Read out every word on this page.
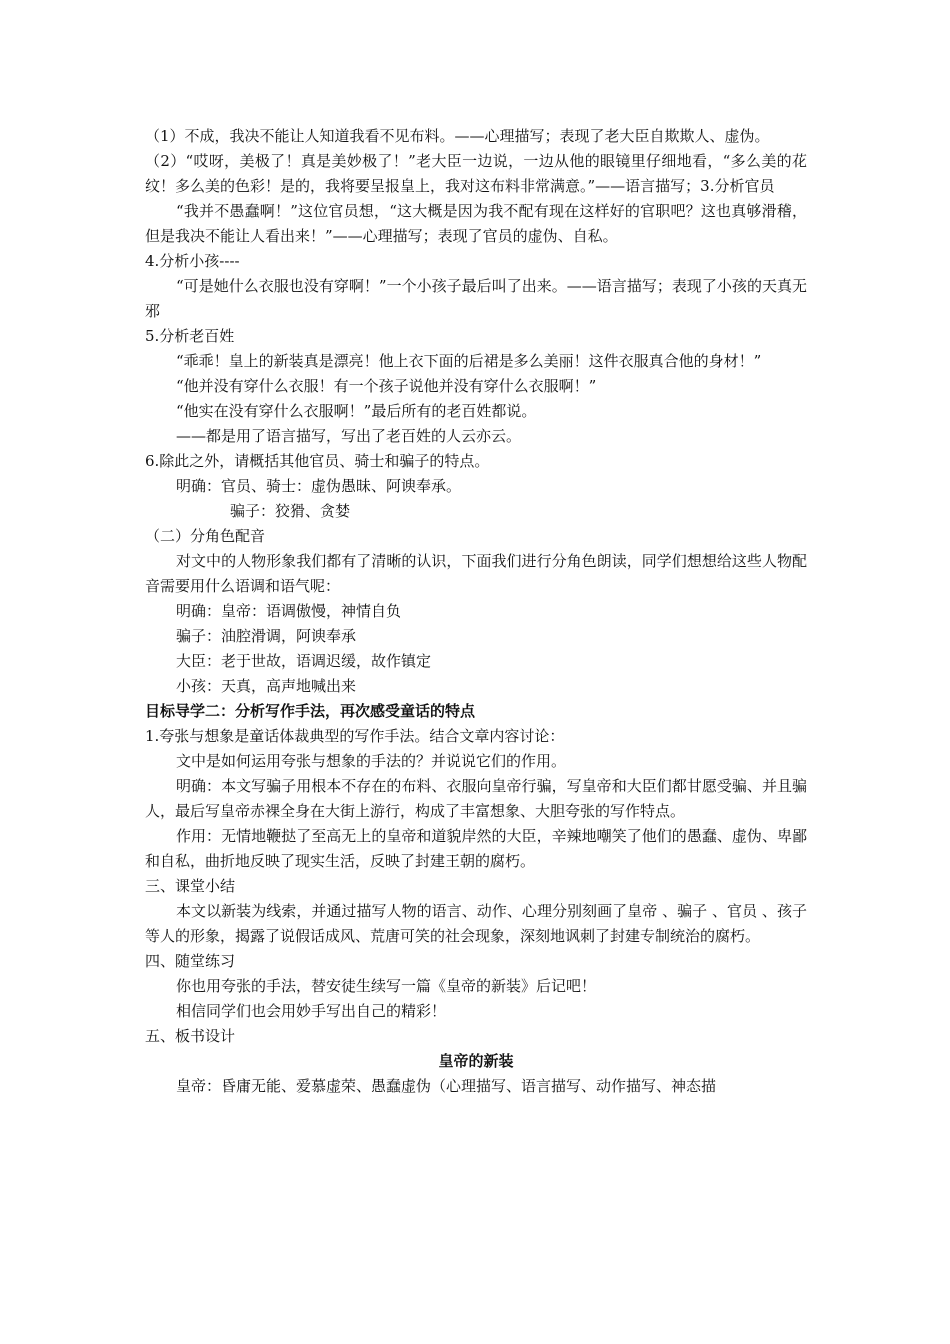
（1）不成，我决不能让人知道我看不见布料。——心理描写；表现了老大臣自欺欺人、虚伪。

（2）“哎呀，美极了！真是美妙极了！”老大臣一边说，一边从他的眼镜里仔细地看，“多么美的花纹！多么美的色彩！是的，我将要呈报皇上，我对这布料非常满意。”——语言描写；3.分析官员

“我并不愚蠢啊！”这位官员想，“这大概是因为我不配有现在这样好的官职吧？这也真够滑稽，但是我决不能让人看出来！”——心理描写；表现了官员的虚伪、自私。

4.分析小孩----

“可是她什么衣服也没有穿啊！”一个小孩子最后叫了出来。——语言描写；表现了小孩的天真无邪

5.分析老百姓

“乖乖！皇上的新装真是漂亮！他上衣下面的后裙是多么美丽！这件衣服真合他的身材！”

“他并没有穿什么衣服！有一个孩子说他并没有穿什么衣服啊！”

“他实在没有穿什么衣服啊！”最后所有的老百姓都说。

——都是用了语言描写，写出了老百姓的人云亦云。

6.除此之外，请概括其他官员、骑士和骗子的特点。

明确：官员、骑士：虚伪愚昧、阿谀奉承。

骗子：狡猾、贪婪

（二）分角色配音

对文中的人物形象我们都有了清晰的认识，下面我们进行分角色朗读，同学们想想给这些人物配音需要用什么语调和语气呢：

明确：皇帝：语调傲慢，神情自负

骗子：油腔滑调，阿谀奉承

大臣：老于世故，语调迟缓，故作镇定

小孩：天真，高声地喊出来

目标导学二：分析写作手法，再次感受童话的特点

1.夸张与想象是童话体裁典型的写作手法。结合文章内容讨论：

文中是如何运用夸张与想象的手法的？并说说它们的作用。

明确：本文写骗子用根本不存在的布料、衣服向皇帝行骗，写皇帝和大臣们都甘愿受骗、并且骗人，最后写皇帝赤裸全身在大街上游行，构成了丰富想象、大胆夸张的写作特点。

作用：无情地鞭挞了至高无上的皇帝和道貌岸然的大臣，辛辣地嘲笑了他们的愚蠢、虚伪、卑鄙和自私，曲折地反映了现实生活，反映了封建王朝的腐朽。

三、课堂小结

本文以新装为线索，并通过描写人物的语言、动作、心理分别刻画了皇帝 、骗子 、官员 、孩子等人的形象，揭露了说假话成风、荒唐可笑的社会现象，深刻地讽刺了封建专制统治的腐朽。

四、随堂练习

你也用夸张的手法，替安徒生续写一篇《皇帝的新装》后记吧！

相信同学们也会用妙手写出自己的精彩！

五、板书设计

皇帝的新装

皇帝：昏庸无能、爱慕虚荣、愚蠢虚伪（心理描写、语言描写、动作描写、神态描
